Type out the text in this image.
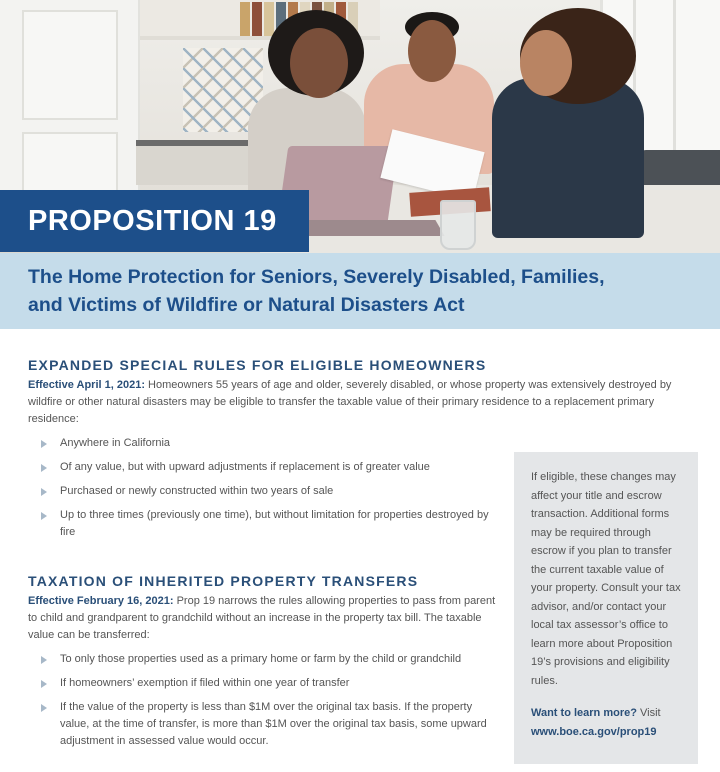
PROPOSITION 19
The Home Protection for Seniors, Severely Disabled, Families,
and Victims of Wildfire or Natural Disasters Act
EXPANDED SPECIAL RULES FOR ELIGIBLE HOMEOWNERS

Effective April 1, 2021: Homeowners 55 years of age and older, severely disabled, or whose property was extensively destroyed by wildfire or other natural disasters may be eligible to transfer the taxable value of their primary residence to a replacement primary residence:

Anywhere in California
Of any value, but with upward adjustments if replacement is of greater value
Purchased or newly constructed within two years of sale
Up to three times (previously one time), but without limitation for properties destroyed by fire
TAXATION OF INHERITED PROPERTY TRANSFERS

Effective February 16, 2021: Prop 19 narrows the rules allowing properties to pass from parent to child and grandparent to grandchild without an increase in the property tax bill. The taxable value can be transferred:

To only those properties used as a primary home or farm by the child or grandchild
If homeowners’ exemption if filed within one year of transfer
If the value of the property is less than $1M over the original tax basis. If the property value, at the time of transfer, is more than $1M over the original tax basis, some upward adjustment in assessed value would occur.

If eligible, these changes may affect your title and escrow transaction. Additional forms may be required through escrow if you plan to transfer the current taxable value of your property. Consult your tax advisor, and/or contact your local tax assessor’s office to learn more about Proposition 19’s provisions and eligibility rules.

Want to learn more? Visit
www.boe.ca.gov/prop19
